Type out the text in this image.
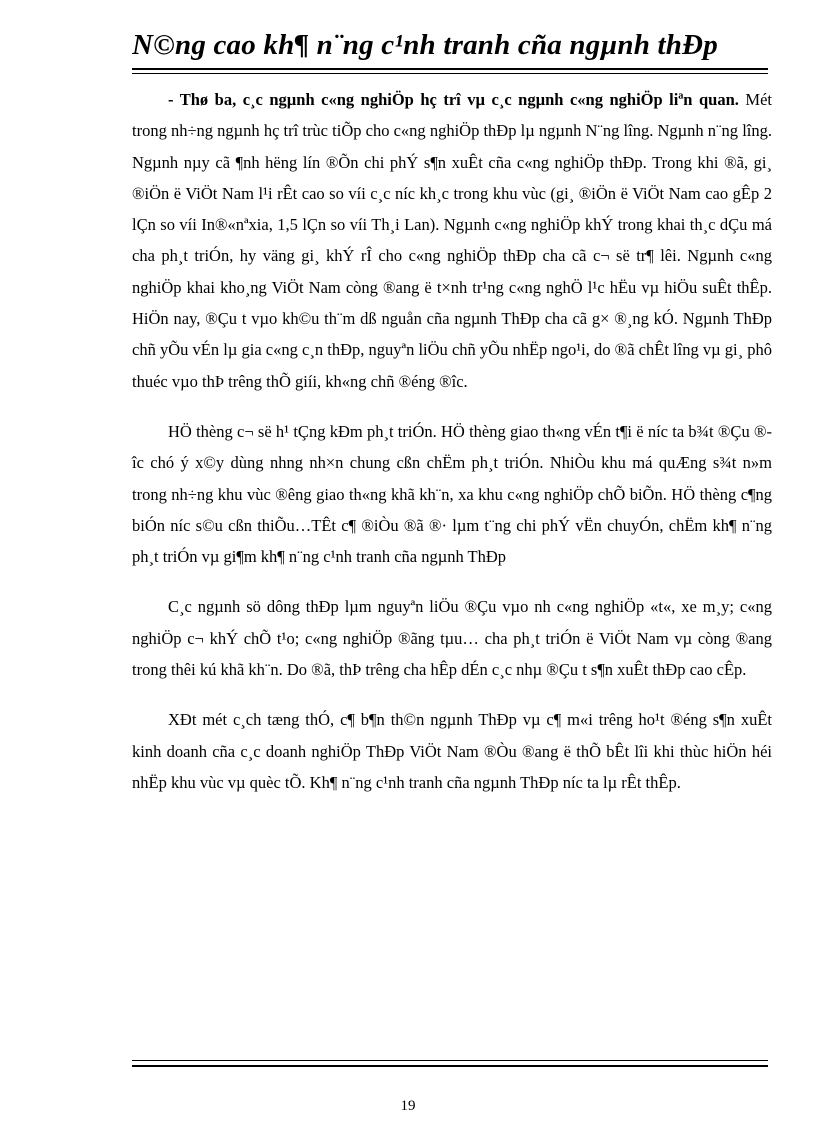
N©ng cao kh¶ n¨ng c¹nh tranh cña ngµnh thÐp

- Thø ba, c¸c ngµnh c«ng nghiÖp hç trî vµ c¸c ngµnh c«ng nghiÖp liªn quan. Mét trong nh÷ng ngµnh hç trî trùc tiÕp cho c«ng nghiÖp thÐp lµ ngµnh N¨ng lîng. Ngµnh n¨ng lîng. Ngµnh nµy cã ¶nh hëng lín ®Õn chi phÝ s¶n xuÊt cña c«ng nghiÖp thÐp. Trong khi ®ã, gi¸ ®iÖn ë ViÖt Nam l¹i rÊt cao so víi c¸c níc kh¸c trong khu vùc (gi¸ ®iÖn ë ViÖt Nam cao gÊp 2 lÇn so víi In®«nªxia, 1,5 lÇn so víi Th¸i Lan). Ngµnh c«ng nghiÖp khÝ trong khai th¸c dÇu má cha ph¸t triÓn, hy väng gi¸ khÝ rÎ cho c«ng nghiÖp thÐp cha cã c¬ së tr¶ lêi. Ngµnh c«ng nghiÖp khai kho¸ng ViÖt Nam còng ®ang ë t×nh tr¹ng c«ng nghÖ l¹c hËu vµ hiÖu suÊt thÊp. HiÖn nay, ®Çu t vµo kh©u th¨m dß nguån cña ngµnh ThÐp cha cã g× ®¸ng kÓ. Ngµnh ThÐp chñ yÕu vÉn lµ gia c«ng c¸n thÐp, nguyªn liÖu chñ yÕu nhËp ngo¹i, do ®ã chÊt lîng vµ gi¸ phô thuéc vµo thÞ trêng thÕ giíi, kh«ng chñ ®éng ®îc.

HÖ thèng c¬ së h¹ tÇng kÐm ph¸t triÓn. HÖ thèng giao th«ng vÉn t¶i ë níc ta b¾t ®Çu ®îc chó ý x©y dùng nhng nh×n chung cßn chËm ph¸t triÓn. NhiÒu khu má quÆng s¾t n»m trong nh÷ng khu vùc ®êng giao th«ng khã kh¨n, xa khu c«ng nghiÖp chÕ biÕn. HÖ thèng c¶ng biÓn níc s©u cßn thiÕu…TÊt c¶ ®iÒu ®ã ®· lµm t¨ng chi phÝ vËn chuyÓn, chËm kh¶ n¨ng ph¸t triÓn vµ gi¶m kh¶ n¨ng c¹nh tranh cña ngµnh ThÐp

C¸c ngµnh sö dông thÐp lµm nguyªn liÖu ®Çu vµo nh c«ng nghiÖp «t«, xe m¸y; c«ng nghiÖp c¬ khÝ chÕ t¹o; c«ng nghiÖp ®ãng tµu… cha ph¸t triÓn ë ViÖt Nam vµ còng ®ang trong thêi kú khã kh¨n. Do ®ã, thÞ trêng cha hÊp dÉn c¸c nhµ ®Çu t s¶n xuÊt thÐp cao cÊp.

XÐt mét c¸ch tæng thÓ, c¶ b¶n th©n ngµnh ThÐp vµ c¶ m«i trêng ho¹t ®éng s¶n xuÊt kinh doanh cña c¸c doanh nghiÖp ThÐp ViÖt Nam ®Òu ®ang ë thÕ bÊt lîi khi thùc hiÖn héi nhËp khu vùc vµ quèc tÕ. Kh¶ n¨ng c¹nh tranh cña ngµnh ThÐp níc ta lµ rÊt thÊp.

19
